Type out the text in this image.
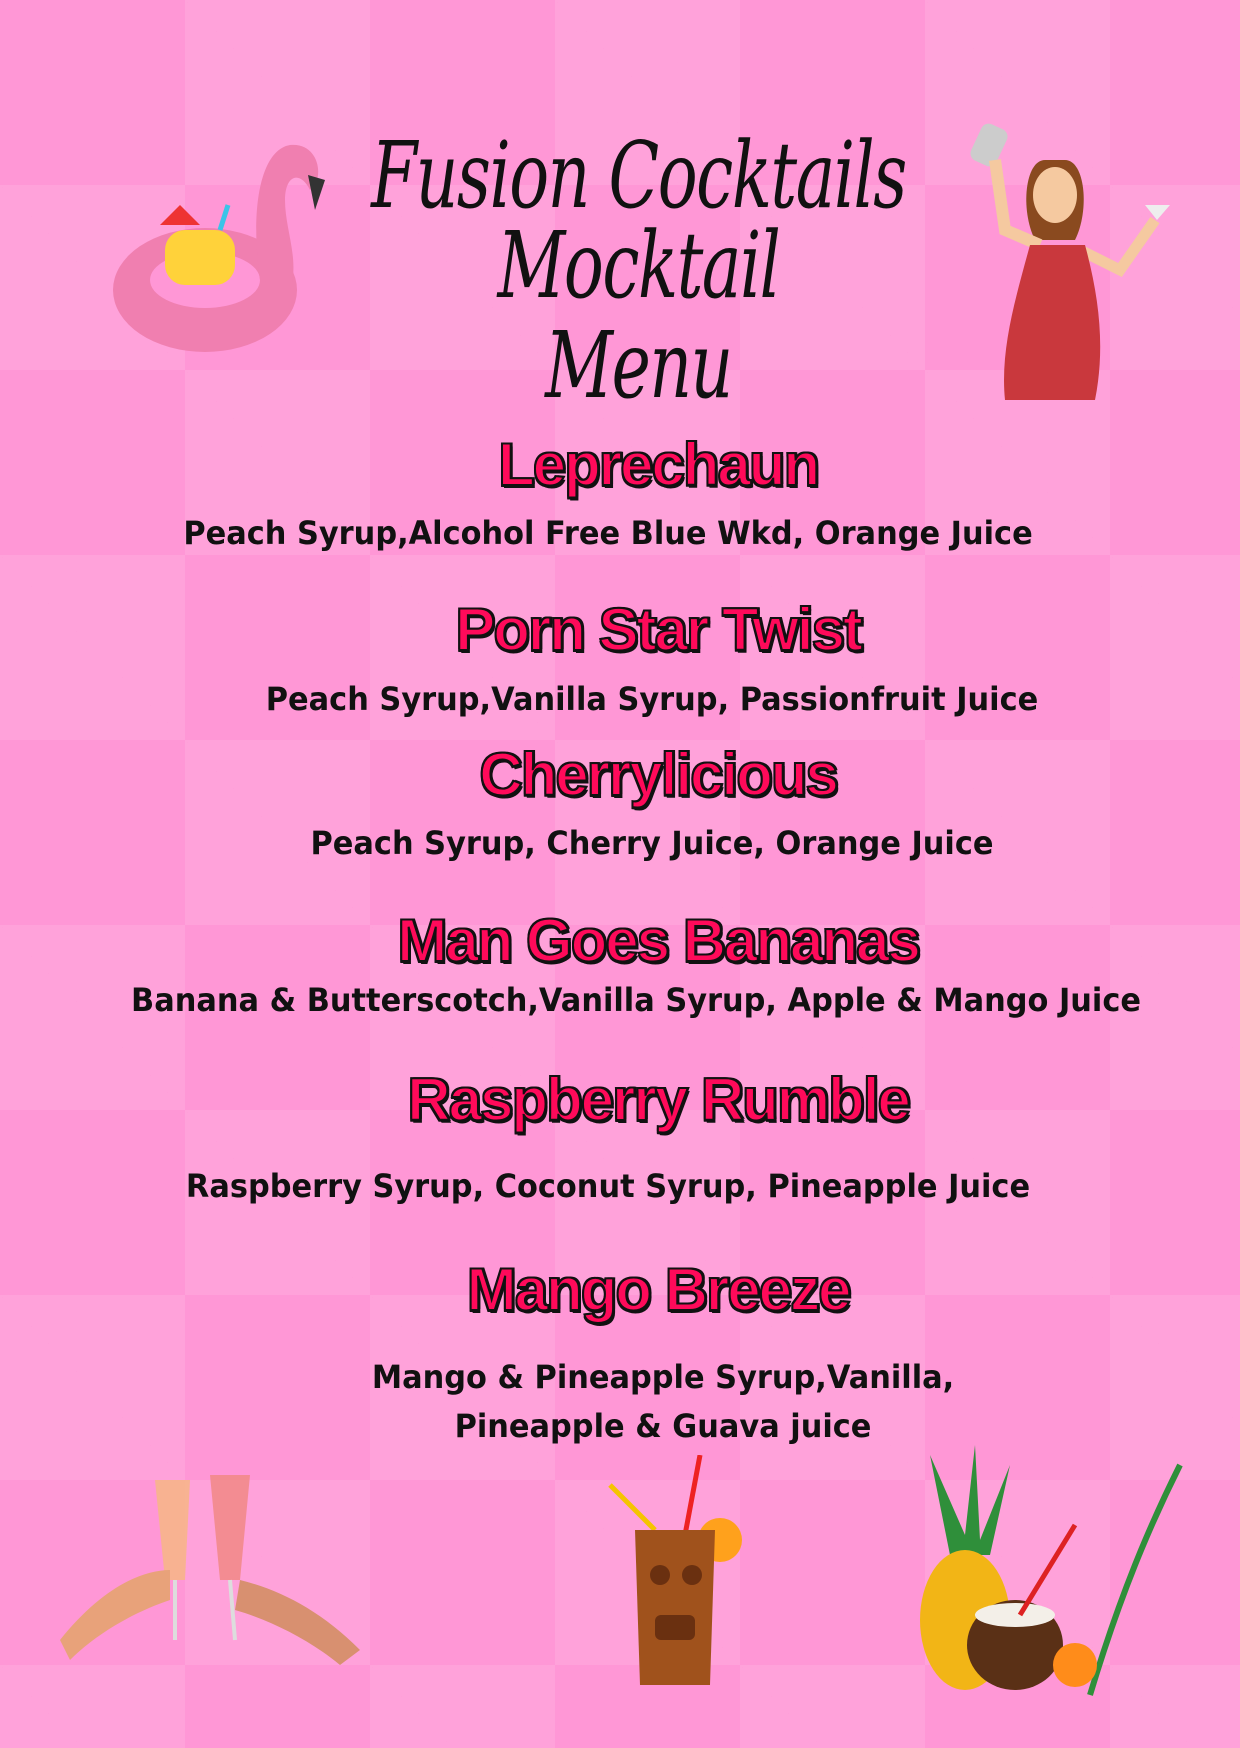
Fusion Cocktails
Mocktail
Menu
Leprechaun
Peach Syrup,Alcohol Free Blue Wkd, Orange Juice
Porn Star Twist
Peach Syrup,Vanilla Syrup, Passionfruit Juice
Cherrylicious
Peach Syrup, Cherry Juice, Orange Juice
Man Goes Bananas
Banana & Butterscotch,Vanilla Syrup, Apple & Mango Juice
Raspberry Rumble
Raspberry Syrup, Coconut Syrup, Pineapple Juice
Mango Breeze
Mango & Pineapple Syrup,Vanilla,
Pineapple & Guava juice
